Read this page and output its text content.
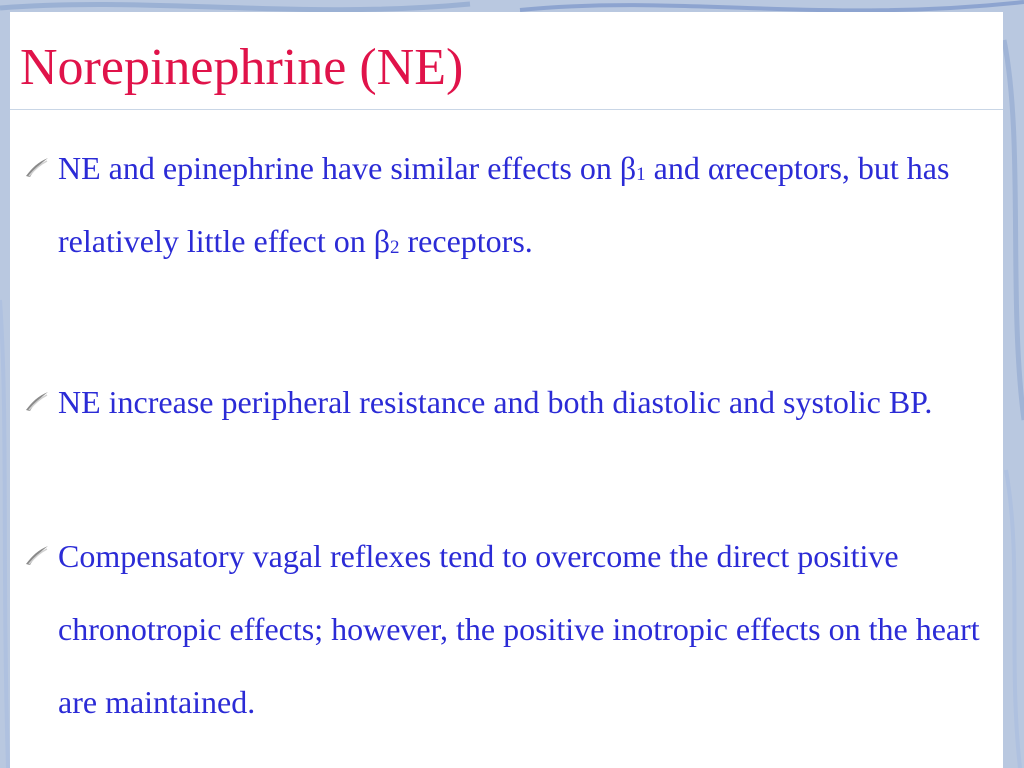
Norepinephrine (NE)
NE and epinephrine have similar effects on $\beta_1$ and αreceptors, but has relatively little effect on $\beta_2$ receptors.
NE increase peripheral resistance and both diastolic and systolic BP.
Compensatory vagal reflexes tend to overcome the direct positive chronotropic effects; however, the positive inotropic effects on the heart are maintained.
